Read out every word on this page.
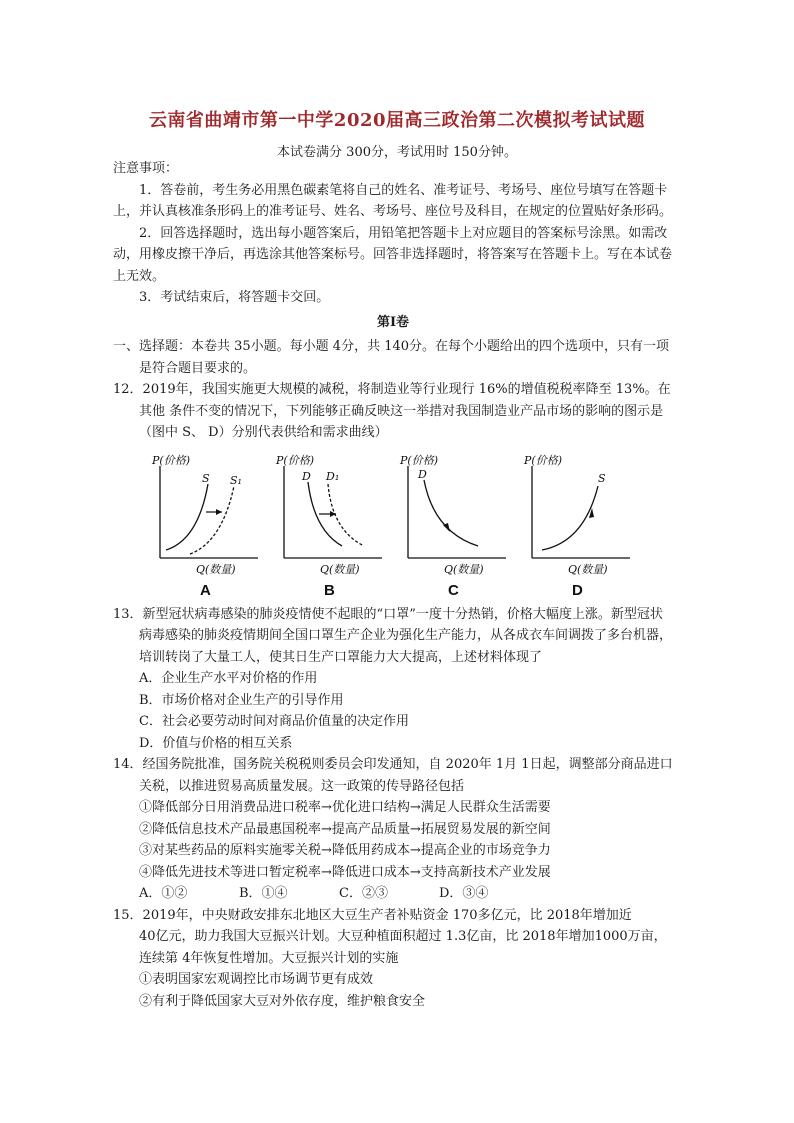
云南省曲靖市第一中学2020届高三政治第二次模拟考试试题
本试卷满分 300分，考试用时 150分钟。

注意事项：

1．答卷前，考生务必用黑色碳素笔将自己的姓名、准考证号、考场号、座位号填写在答题卡上，并认真核准条形码上的准考证号、姓名、考场号、座位号及科目，在规定的位置贴好条形码。

2．回答选择题时，选出每小题答案后，用铅笔把答题卡上对应题目的答案标号涂黑。如需改动，用橡皮擦干净后，再选涂其他答案标号。回答非选择题时，将答案写在答题卡上。写在本试卷上无效。

3．考试结束后，将答题卡交回。

第Ⅰ卷

一、选择题：本卷共 35小题。每小题 4分，共 140分。在每个小题给出的四个选项中，只有一项是符合题目要求的。

12．2019年，我国实施更大规模的减税，将制造业等行业现行 16%的增值税税率降至 13%。在其他 条件不变的情况下，下列能够正确反映这一举措对我国制造业产品市场的影响的图示是（图中 S、 D）分别代表供给和需求曲线）

P(价格)
Q(数量)
S S₁
A
P(价格)
Q(数量)
D D₁
B
P(价格)
Q(数量)
D
C
P(价格)
Q(数量)
S
D

13．新型冠状病毒感染的肺炎疫情使不起眼的“口罩”一度十分热销，价格大幅度上涨。新型冠状病毒感染的肺炎疫情期间全国口罩生产企业为强化生产能力，从各成衣车间调拨了多台机器，培训转岗了大量工人，使其日生产口罩能力大大提高，上述材料体现了

A．企业生产水平对价格的作用

B．市场价格对企业生产的引导作用

C．社会必要劳动时间对商品价值量的决定作用

D．价值与价格的相互关系

14．经国务院批准，国务院关税税则委员会印发通知，自 2020年 1月 1日起，调整部分商品进口关税，以推进贸易高质量发展。这一政策的传导路径包括

①降低部分日用消费品进口税率→优化进口结构→满足人民群众生活需要

②降低信息技术产品最惠国税率→提高产品质量→拓展贸易发展的新空间

③对某些药品的原料实施零关税→降低用药成本→提高企业的市场竞争力

④降低先进技术等进口暂定税率→降低进口成本→支持高新技术产业发展

A．①②	B．①④	C．②③	D．③④

15．2019年，中央财政安排东北地区大豆生产者补贴资金 170多亿元，比 2018年增加近

40亿元，助力我国大豆振兴计划。大豆种植面积超过 1.3亿亩，比 2018年增加1000万亩，

连续第 4年恢复性增加。大豆振兴计划的实施

①表明国家宏观调控比市场调节更有成效

②有利于降低国家大豆对外依存度，维护粮食安全
